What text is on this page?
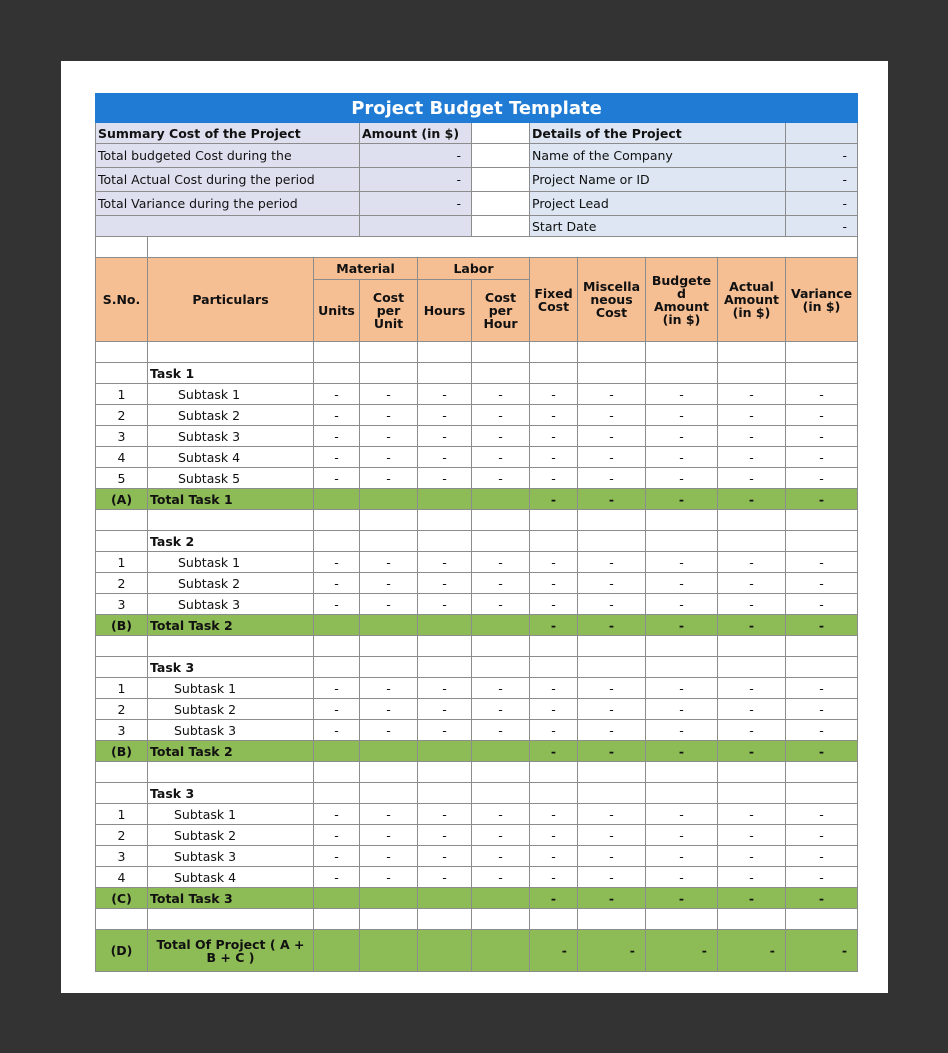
Project Budget Template										
Summary Cost of the Project			Amount (in $)			Details of the Project				
Total budgeted Cost during the			-			Name of the Company				-
Total Actual Cost during the period			-			Project Name or ID				-
Total Variance during the period			-			Project Lead				-
						Start Date				-

S.No.	Particulars	Material		Labor		Fixed Cost	Miscella neous Cost	Budgete d Amount (in $)	Actual Amount (in $)	Variance (in $)
		Units	Cost per Unit	Hours	Cost per Hour					

	Task 1									
1	Subtask 1	-	-	-	-	-	-	-	-	-
2	Subtask 2	-	-	-	-	-	-	-	-	-
3	Subtask 3	-	-	-	-	-	-	-	-	-
4	Subtask 4	-	-	-	-	-	-	-	-	-
5	Subtask 5	-	-	-	-	-	-	-	-	-
(A)	Total Task 1					-	-	-	-	-

	Task 2									
1	Subtask 1	-	-	-	-	-	-	-	-	-
2	Subtask 2	-	-	-	-	-	-	-	-	-
3	Subtask 3	-	-	-	-	-	-	-	-	-
(B)	Total Task 2					-	-	-	-	-

	Task 3									
1	Subtask 1	-	-	-	-	-	-	-	-	-
2	Subtask 2	-	-	-	-	-	-	-	-	-
3	Subtask 3	-	-	-	-	-	-	-	-	-
(B)	Total Task 2					-	-	-	-	-

	Task 3									
1	Subtask 1	-	-	-	-	-	-	-	-	-
2	Subtask 2	-	-	-	-	-	-	-	-	-
3	Subtask 3	-	-	-	-	-	-	-	-	-
4	Subtask 4	-	-	-	-	-	-	-	-	-
(C)	Total Task 3					-	-	-	-	-

(D)	Total Of Project ( A + B + C )					-	-	-	-	-
